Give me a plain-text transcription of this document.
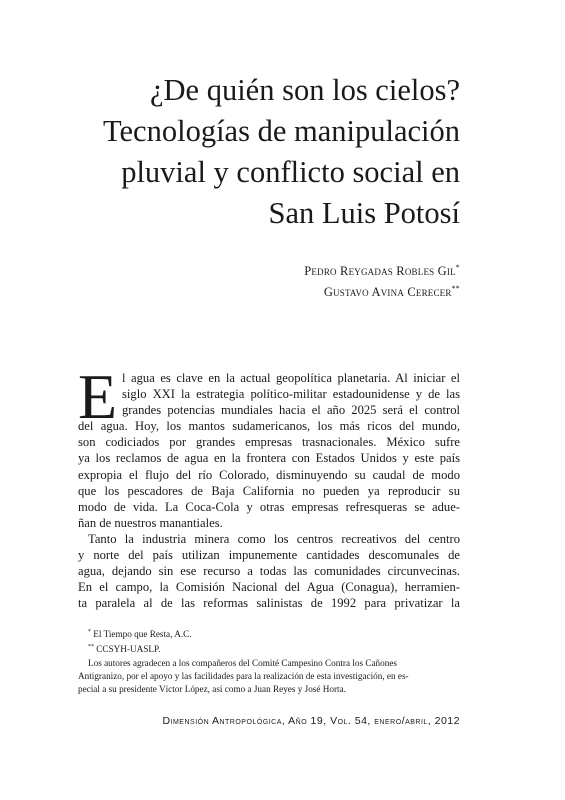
¿De quién son los cielos?
Tecnologías de manipulación
pluvial y conflicto social en
San Luis Potosí
Pedro Reygadas Robles Gil*
Gustavo Avina Cerecer**
E l agua es clave en la actual geopolítica planetaria. Al iniciar el
siglo XXI la estrategia político-militar estadounidense y de las
grandes potencias mundiales hacia el año 2025 será el control
del agua. Hoy, los mantos sudamericanos, los más ricos del mundo,
son codiciados por grandes empresas trasnacionales. México sufre
ya los reclamos de agua en la frontera con Estados Unidos y este país
expropia el flujo del río Colorado, disminuyendo su caudal de modo
que los pescadores de Baja California no pueden ya reproducir su
modo de vida. La Coca-Cola y otras empresas refresqueras se adue-
ñan de nuestros manantiales.
Tanto la industria minera como los centros recreativos del centro
y norte del país utilizan impunemente cantidades descomunales de
agua, dejando sin ese recurso a todas las comunidades circunvecinas.
En el campo, la Comisión Nacional del Agua (Conagua), herramien-
ta paralela al de las reformas salinistas de 1992 para privatizar la
* El Tiempo que Resta, A.C.
** CCSYH-UASLP.
Los autores agradecen a los compañeros del Comité Campesino Contra los Cañones
Antigranizo, por el apoyo y las facilidades para la realización de esta investigación, en es-
pecial a su presidente Víctor López, así como a Juan Reyes y José Horta.
Dimensión Antropológica, Año 19, Vol. 54, enero/abril, 2012
